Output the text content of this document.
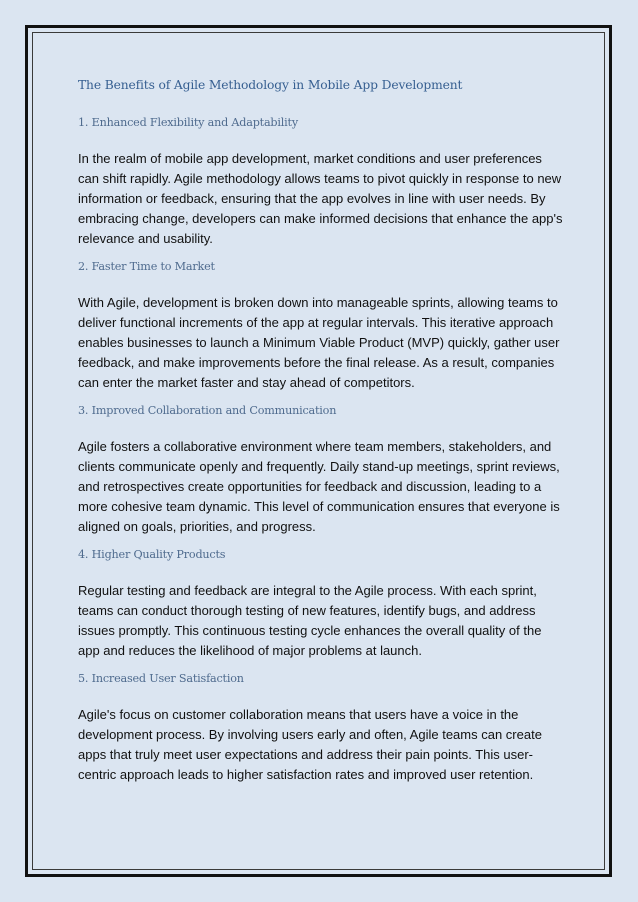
The Benefits of Agile Methodology in Mobile App Development
1. Enhanced Flexibility and Adaptability
In the realm of mobile app development, market conditions and user preferences can shift rapidly. Agile methodology allows teams to pivot quickly in response to new information or feedback, ensuring that the app evolves in line with user needs. By embracing change, developers can make informed decisions that enhance the app's relevance and usability.
2. Faster Time to Market
With Agile, development is broken down into manageable sprints, allowing teams to deliver functional increments of the app at regular intervals. This iterative approach enables businesses to launch a Minimum Viable Product (MVP) quickly, gather user feedback, and make improvements before the final release. As a result, companies can enter the market faster and stay ahead of competitors.
3. Improved Collaboration and Communication
Agile fosters a collaborative environment where team members, stakeholders, and clients communicate openly and frequently. Daily stand-up meetings, sprint reviews, and retrospectives create opportunities for feedback and discussion, leading to a more cohesive team dynamic. This level of communication ensures that everyone is aligned on goals, priorities, and progress.
4. Higher Quality Products
Regular testing and feedback are integral to the Agile process. With each sprint, teams can conduct thorough testing of new features, identify bugs, and address issues promptly. This continuous testing cycle enhances the overall quality of the app and reduces the likelihood of major problems at launch.
5. Increased User Satisfaction
Agile's focus on customer collaboration means that users have a voice in the development process. By involving users early and often, Agile teams can create apps that truly meet user expectations and address their pain points. This user-centric approach leads to higher satisfaction rates and improved user retention.
